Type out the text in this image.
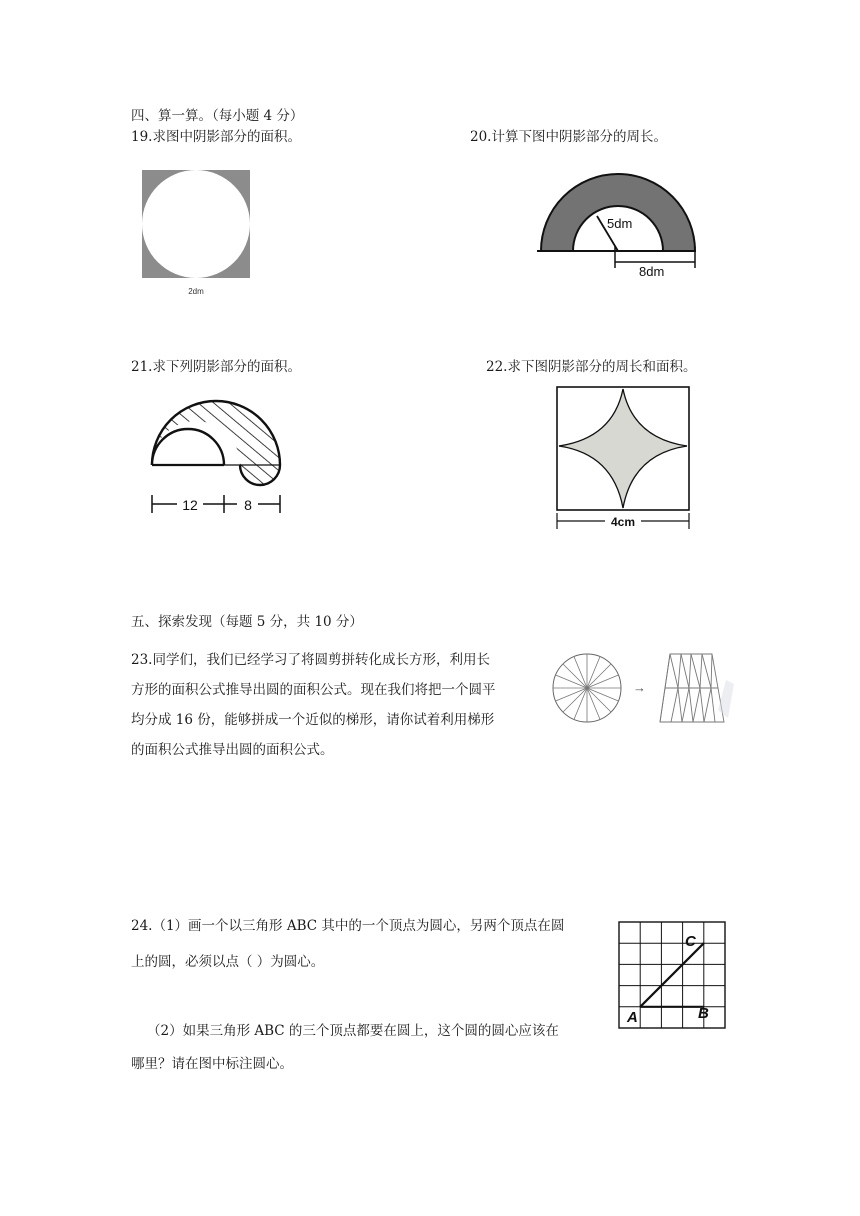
四、算一算。（每小题 4 分）
19.求图中阴影部分的面积。	20.计算下图中阴影部分的周长。
2dm
5dm
8dm
21.求下列阴影部分的面积。	22.求下图阴影部分的周长和面积。
12	8
4cm
五、探索发现（每题 5 分，共 10 分）
23.同学们，我们已经学习了将圆剪拼转化成长方形，利用长
方形的面积公式推导出圆的面积公式。现在我们将把一个圆平
均分成 16 份，能够拼成一个近似的梯形，请你试着利用梯形
的面积公式推导出圆的面积公式。
→
24.（1）画一个以三角形 ABC 其中的一个顶点为圆心，另两个顶点在圆
上的圆，必须以点（ ）为圆心。
（2）如果三角形 ABC 的三个顶点都要在圆上，这个圆的圆心应该在
哪里？请在图中标注圆心。
A	B
C
